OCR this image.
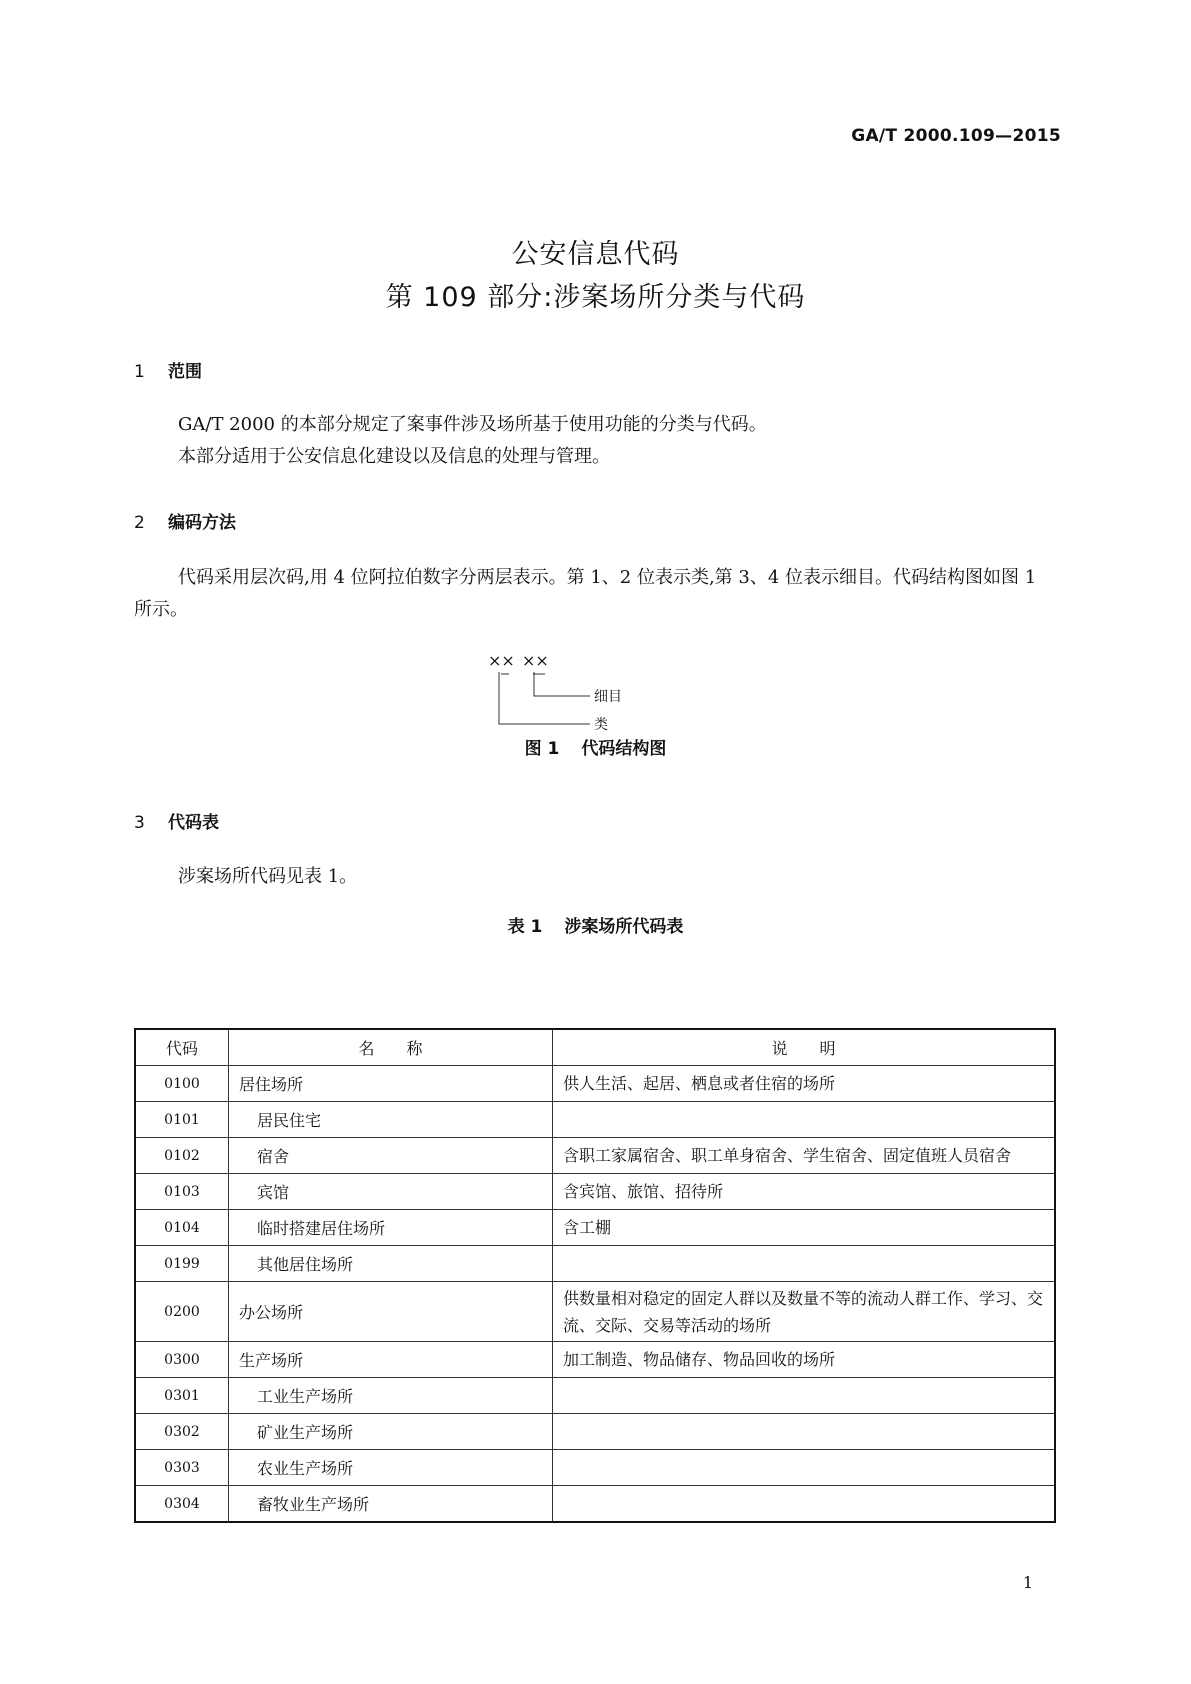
GA/T 2000.109—2015
公安信息代码
第 109 部分:涉案场所分类与代码
1 范围
GA/T 2000 的本部分规定了案事件涉及场所基于使用功能的分类与代码。
本部分适用于公安信息化建设以及信息的处理与管理。
2 编码方法
代码采用层次码,用 4 位阿拉伯数字分两层表示。第 1、2 位表示类,第 3、4 位表示细目。代码结构图如图 1 所示。
×× ××
细目
类
图 1 代码结构图
3 代码表
涉案场所代码见表 1。
表 1 涉案场所代码表
代码	名　　称	说　　明
0100	居住场所	供人生活、起居、栖息或者住宿的场所
0101	居民住宅	
0102	宿舍	含职工家属宿舍、职工单身宿舍、学生宿舍、固定值班人员宿舍
0103	宾馆	含宾馆、旅馆、招待所
0104	临时搭建居住场所	含工棚
0199	其他居住场所	
0200	办公场所	供数量相对稳定的固定人群以及数量不等的流动人群工作、学习、交流、交际、交易等活动的场所
0300	生产场所	加工制造、物品储存、物品回收的场所
0301	工业生产场所	
0302	矿业生产场所	
0303	农业生产场所	
0304	畜牧业生产场所	
1
